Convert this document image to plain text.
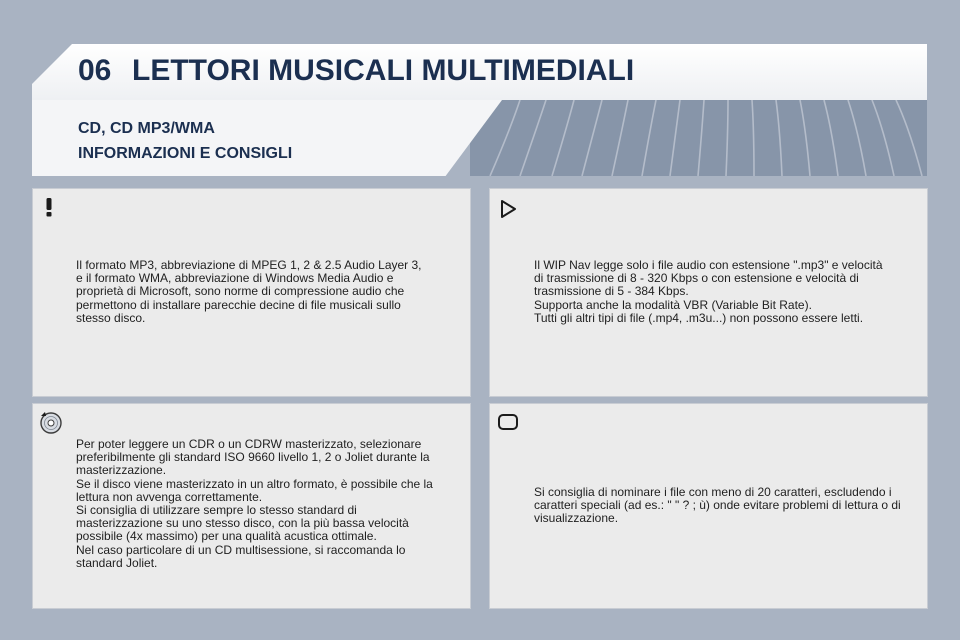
06 LETTORI MUSICALI MULTIMEDIALI
CD, CD MP3/WMA
INFORMAZIONI E CONSIGLI
Il formato MP3, abbreviazione di MPEG 1, 2 & 2.5 Audio Layer 3,
e il formato WMA, abbreviazione di Windows Media Audio e
proprietà di Microsoft, sono norme di compressione audio che
permettono di installare parecchie decine di file musicali sullo
stesso disco.
Il WIP Nav legge solo i file audio con estensione ".mp3" e velocità
di trasmissione di 8 - 320 Kbps o con estensione e velocità di
trasmissione di 5 - 384 Kbps.
Supporta anche la modalità VBR (Variable Bit Rate).
Tutti gli altri tipi di file (.mp4, .m3u...) non possono essere letti.
Per poter leggere un CDR o un CDRW masterizzato, selezionare
preferibilmente gli standard ISO 9660 livello 1, 2 o Joliet durante la
masterizzazione.
Se il disco viene masterizzato in un altro formato, è possibile che la
lettura non avvenga correttamente.
Si consiglia di utilizzare sempre lo stesso standard di
masterizzazione su uno stesso disco, con la più bassa velocità
possibile (4x massimo) per una qualità acustica ottimale.
Nel caso particolare di un CD multisessione, si raccomanda lo
standard Joliet.
Si consiglia di nominare i file con meno di 20 caratteri, escludendo i
caratteri speciali (ad es.: " " ? ; ù) onde evitare problemi di lettura o di
visualizzazione.
